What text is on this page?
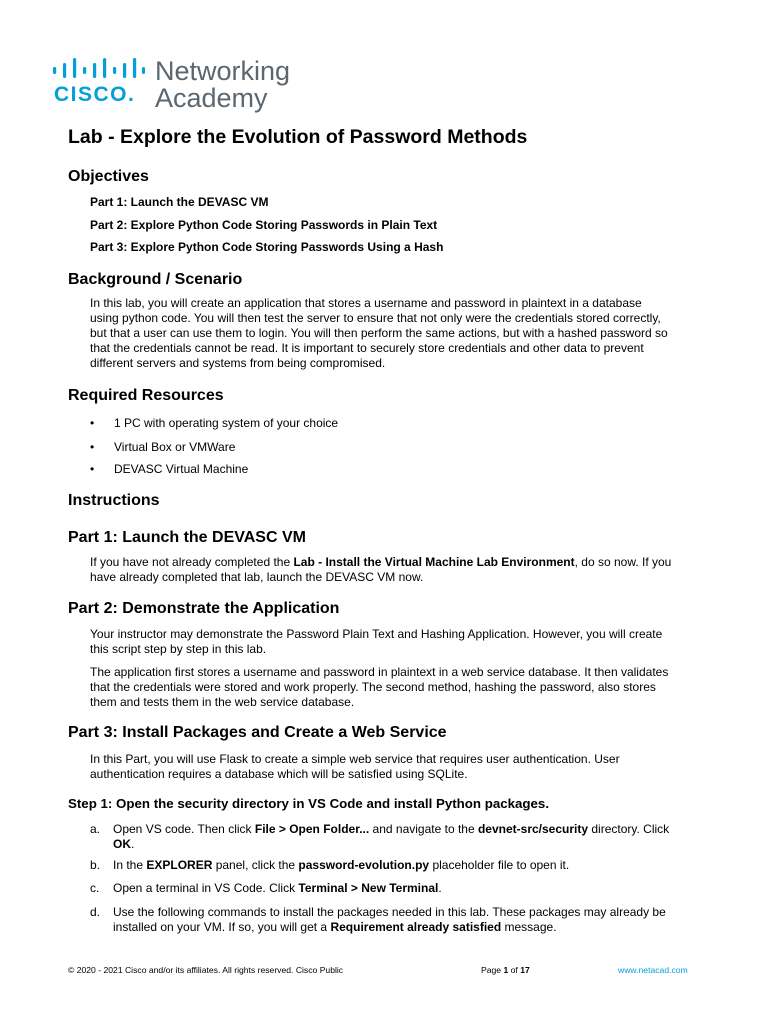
CISCO.
Networking
Academy
Lab - Explore the Evolution of Password Methods
Objectives
Part 1: Launch the DEVASC VM
Part 2: Explore Python Code Storing Passwords in Plain Text
Part 3: Explore Python Code Storing Passwords Using a Hash
Background / Scenario
In this lab, you will create an application that stores a username and password in plaintext in a database
using python code. You will then test the server to ensure that not only were the credentials stored correctly,
but that a user can use them to login. You will then perform the same actions, but with a hashed password so
that the credentials cannot be read. It is important to securely store credentials and other data to prevent
different servers and systems from being compromised.
Required Resources
• 1 PC with operating system of your choice
• Virtual Box or VMWare
• DEVASC Virtual Machine
Instructions
Part 1: Launch the DEVASC VM
If you have not already completed the Lab - Install the Virtual Machine Lab Environment, do so now. If you
have already completed that lab, launch the DEVASC VM now.
Part 2: Demonstrate the Application
Your instructor may demonstrate the Password Plain Text and Hashing Application. However, you will create
this script step by step in this lab.
The application first stores a username and password in plaintext in a web service database. It then validates
that the credentials were stored and work properly. The second method, hashing the password, also stores
them and tests them in the web service database.
Part 3: Install Packages and Create a Web Service
In this Part, you will use Flask to create a simple web service that requires user authentication. User
authentication requires a database which will be satisfied using SQLite.
Step 1: Open the security directory in VS Code and install Python packages.
a. Open VS code. Then click File > Open Folder... and navigate to the devnet-src/security directory. Click
OK.
b. In the EXPLORER panel, click the password-evolution.py placeholder file to open it.
c. Open a terminal in VS Code. Click Terminal > New Terminal.
d. Use the following commands to install the packages needed in this lab. These packages may already be
installed on your VM. If so, you will get a Requirement already satisfied message.
© 2020 - 2021 Cisco and/or its affiliates. All rights reserved. Cisco Public	Page 1 of 17	www.netacad.com
